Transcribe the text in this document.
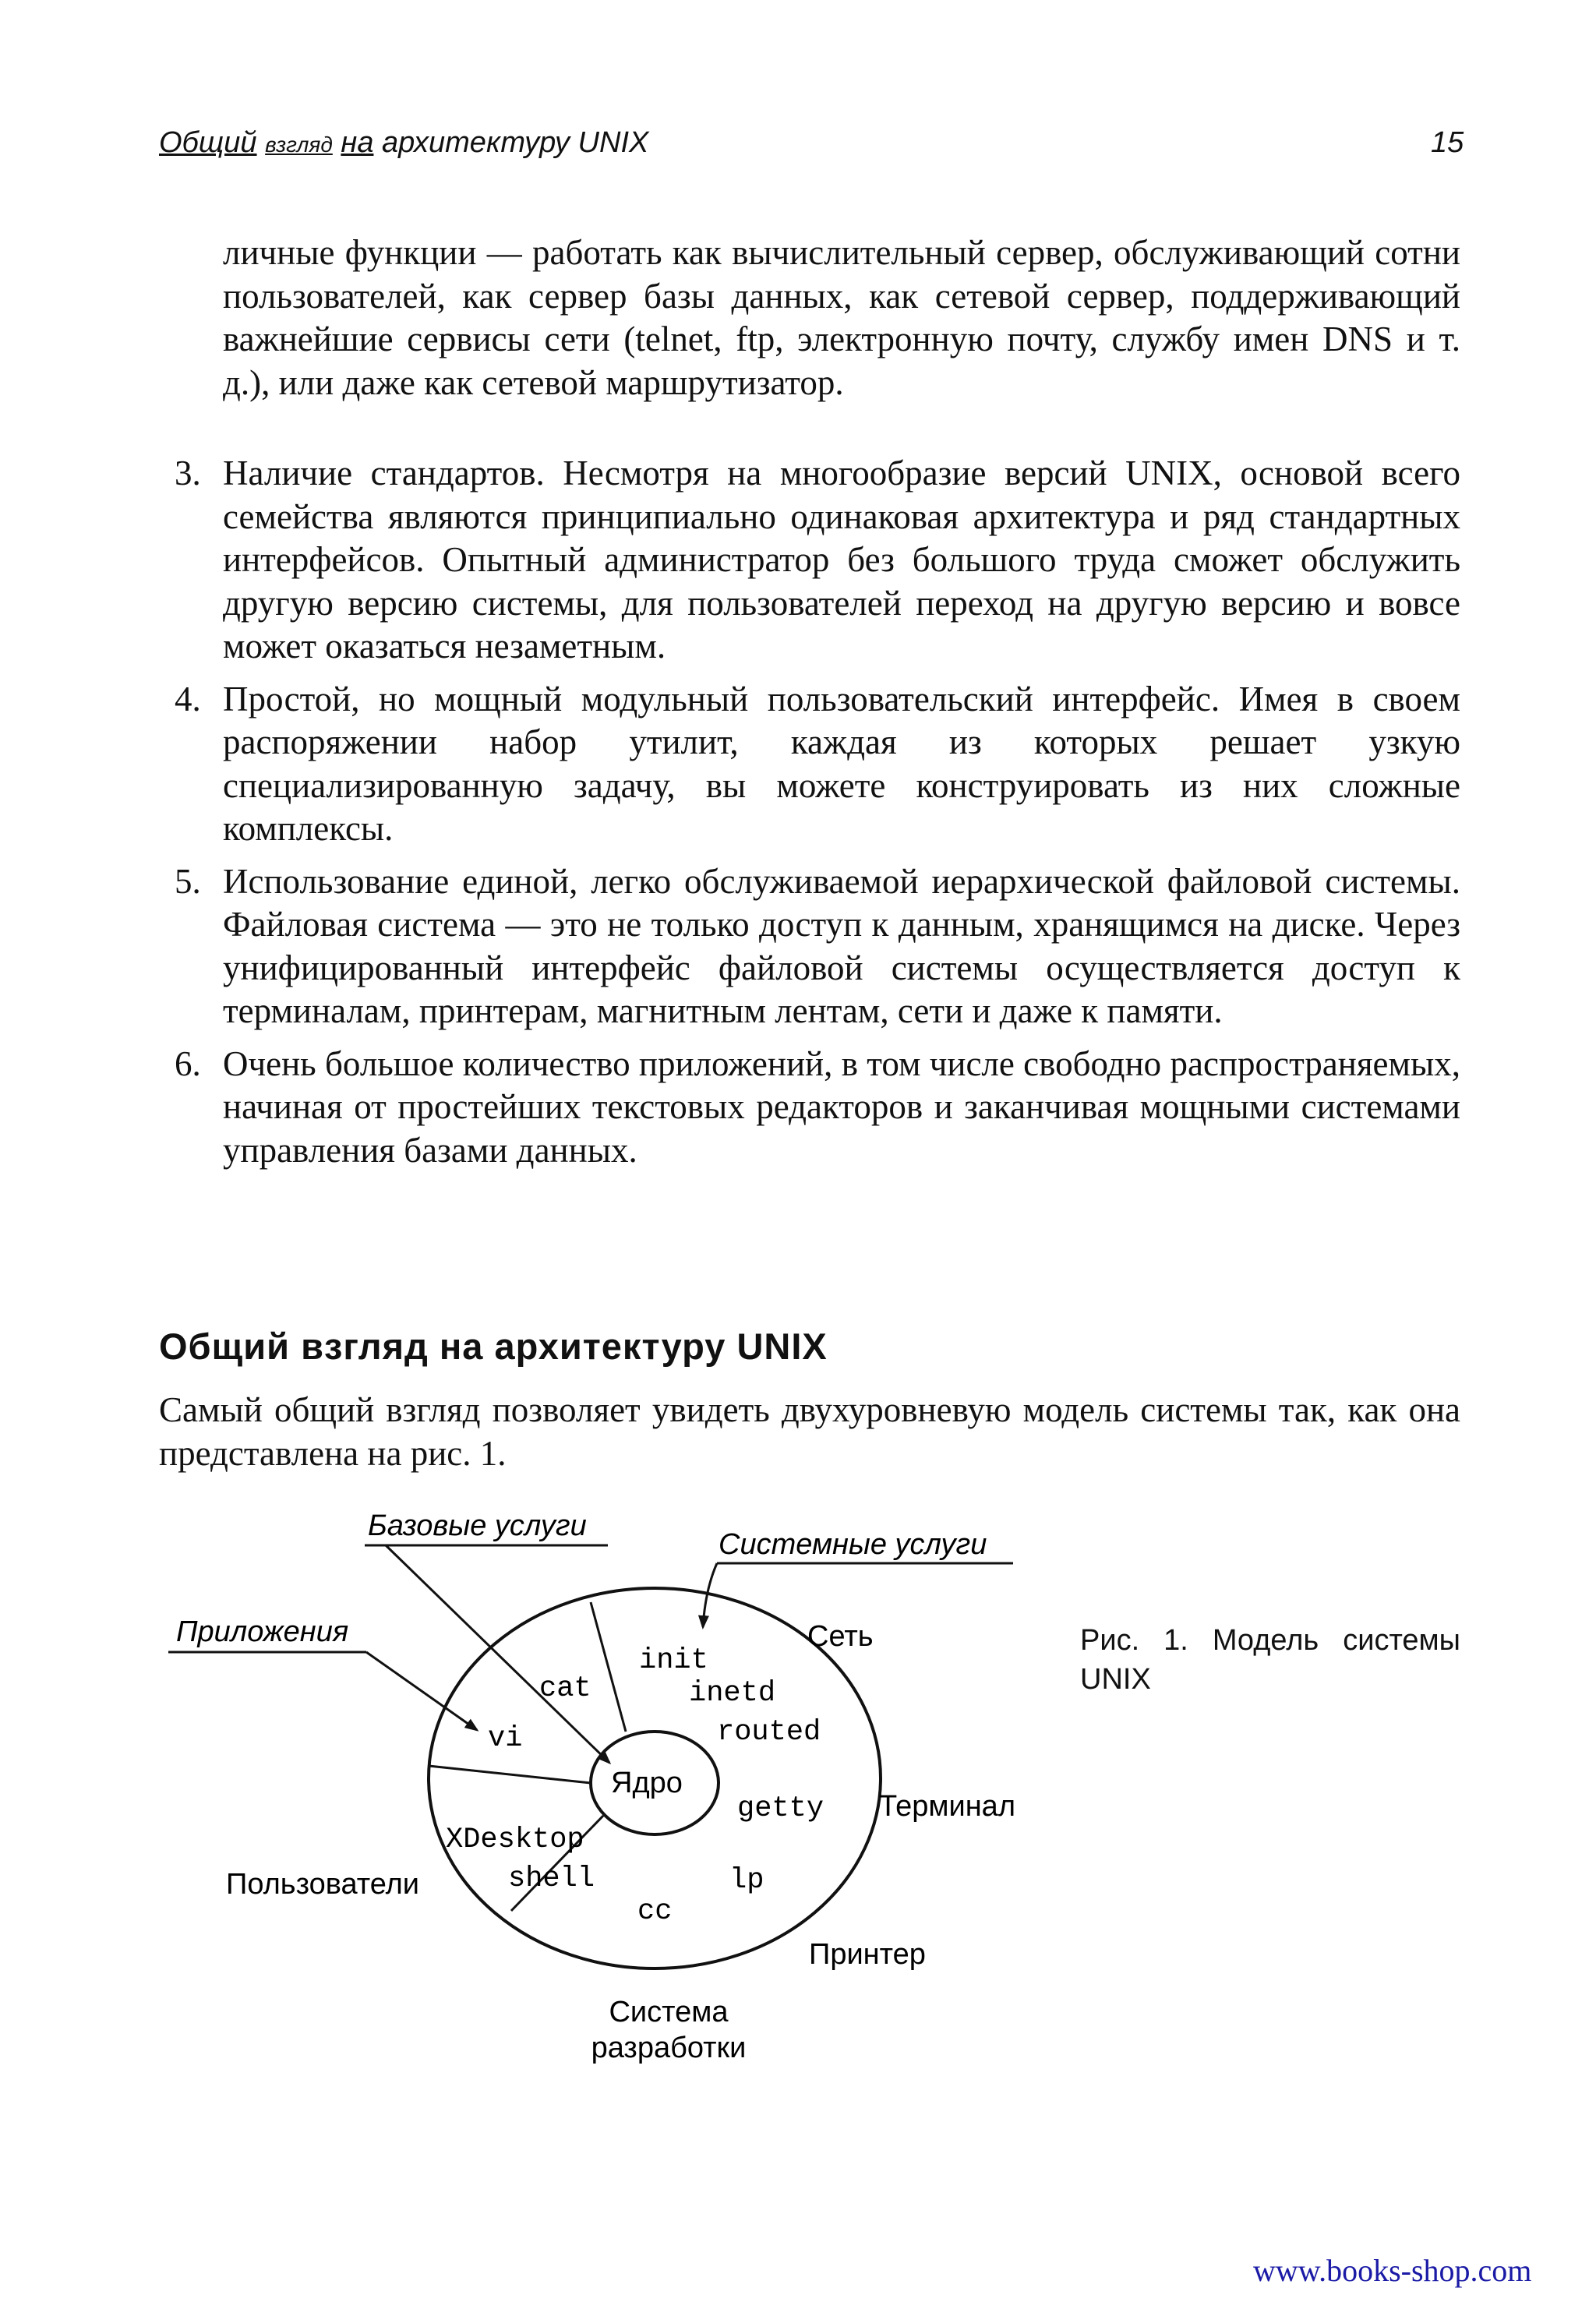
Общий взгляд на архитектуру UNIX	15
личные функции — работать как вычислительный сервер, обслуживающий сотни пользователей, как сервер базы данных, как сетевой сервер, поддерживающий важнейшие сервисы сети (telnet, ftp, электронную почту, службу имен DNS и т. д.), или даже как сетевой маршрутизатор.
3. Наличие стандартов. Несмотря на многообразие версий UNIX, основой всего семейства являются принципиально одинаковая архитектура и ряд стандартных интерфейсов. Опытный администратор без большого труда сможет обслужить другую версию системы, для пользователей переход на другую версию и вовсе может оказаться незаметным.
4. Простой, но мощный модульный пользовательский интерфейс. Имея в своем распоряжении набор утилит, каждая из которых решает узкую специализированную задачу, вы можете конструировать из них сложные комплексы.
5. Использование единой, легко обслуживаемой иерархической файловой системы. Файловая система — это не только доступ к данным, хранящимся на диске. Через унифицированный интерфейс файловой системы осуществляется доступ к терминалам, принтерам, магнитным лентам, сети и даже к памяти.
6. Очень большое количество приложений, в том числе свободно распространяемых, начиная от простейших текстовых редакторов и заканчивая мощными системами управления базами данных.
Общий взгляд на архитектуру UNIX
Самый общий взгляд позволяет увидеть двухуровневую модель системы так, как она представлена на рис. 1.
Базовые услуги
Системные услуги
Приложения	Сеть
Терминал
Пользователи
Принтер
Система
разработки
Ядро
init
inetd
routed
cat
vi
getty
XDesktop
shell	lp
cc
Рис. 1. Модель системы UNIX
www.books-shop.com
